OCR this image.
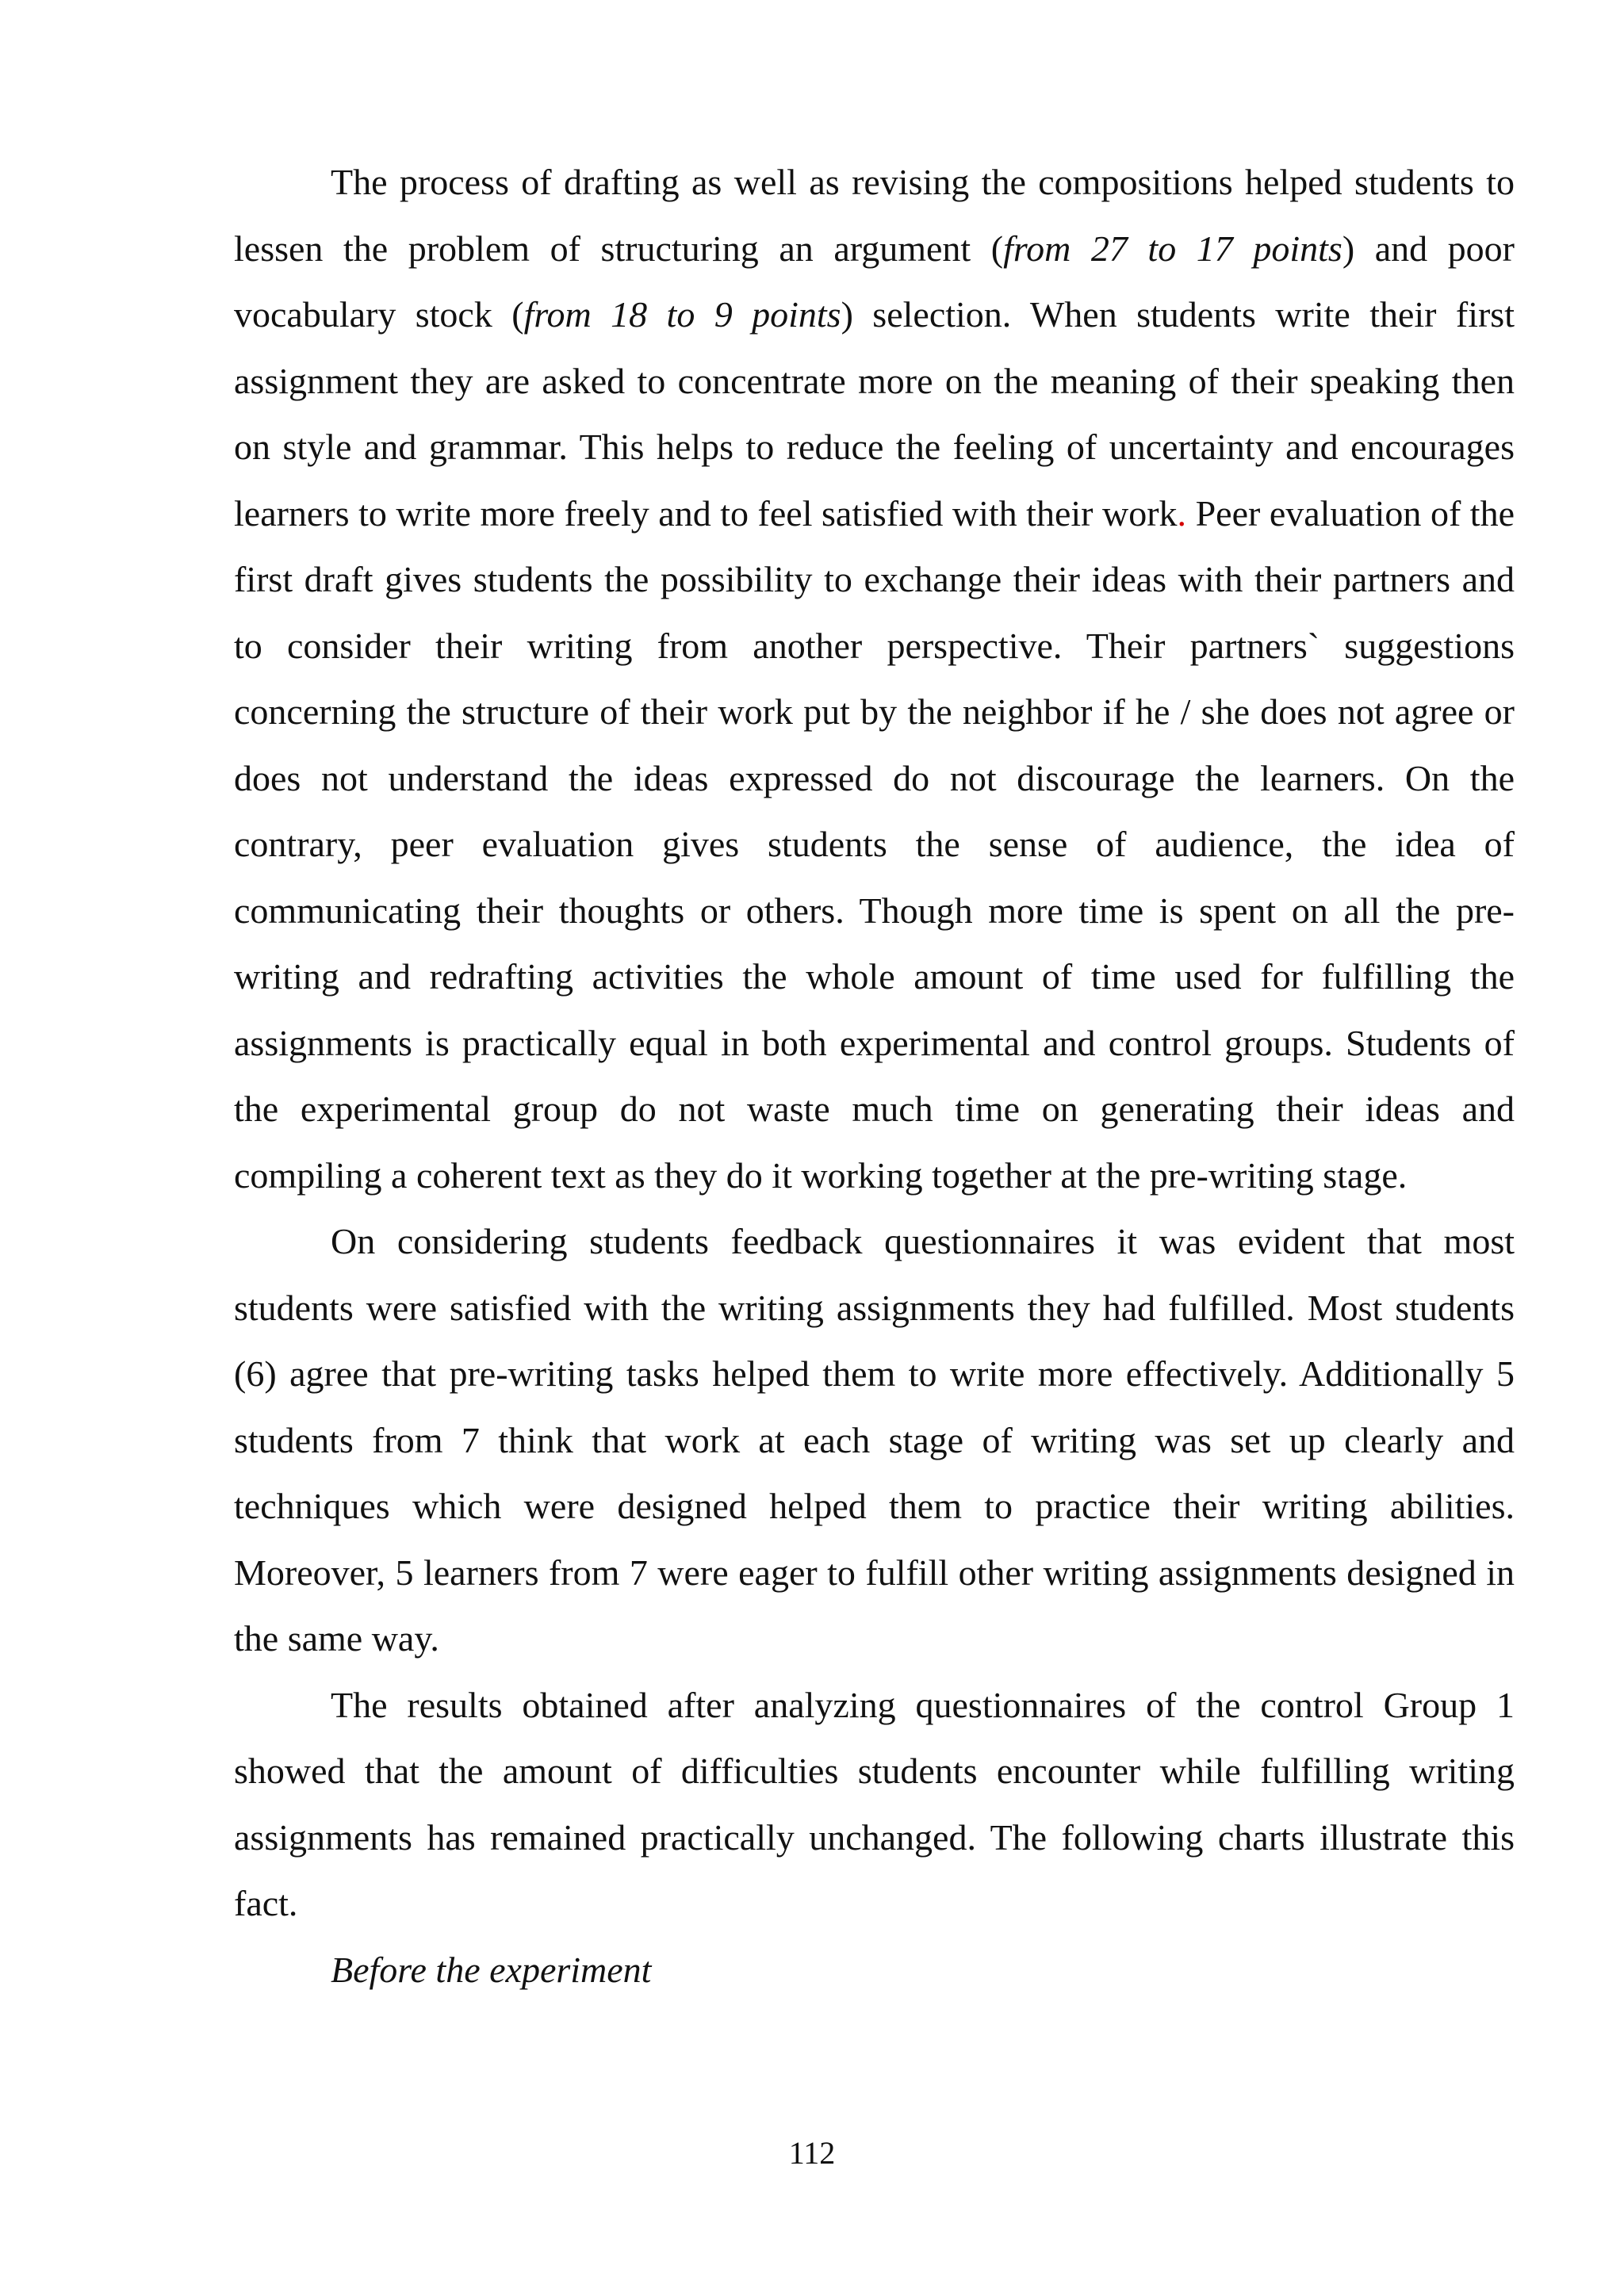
The process of drafting as well as revising the compositions helped students to lessen the problem of structuring an argument (from 27 to 17 points) and poor vocabulary stock (from 18 to 9 points) selection. When students write their first assignment they are asked to concentrate more on the meaning of their speaking then on style and grammar. This helps to reduce the feeling of uncertainty and encourages learners to write more freely and to feel satisfied with their work. Peer evaluation of the first draft gives students the possibility to exchange their ideas with their partners and to consider their writing from another perspective. Their partners` suggestions concerning the structure of their work put by the neighbor if he / she does not agree or does not understand the ideas expressed do not discourage the learners. On the contrary, peer evaluation gives students the sense of audience, the idea of communicating their thoughts or others. Though more time is spent on all the pre-writing and redrafting activities the whole amount of time used for fulfilling the assignments is practically equal in both experimental and control groups. Students of the experimental group do not waste much time on generating their ideas and compiling a coherent text as they do it working together at the pre-writing stage.

On considering students feedback questionnaires it was evident that most students were satisfied with the writing assignments they had fulfilled. Most students (6) agree that pre-writing tasks helped them to write more effectively. Additionally 5 students from 7 think that work at each stage of writing was set up clearly and techniques which were designed helped them to practice their writing abilities. Moreover, 5 learners from 7 were eager to fulfill other writing assignments designed in the same way.

The results obtained after analyzing questionnaires of the control Group 1 showed that the amount of difficulties students encounter while fulfilling writing assignments has remained practically unchanged. The following charts illustrate this fact.

Before the experiment

112
